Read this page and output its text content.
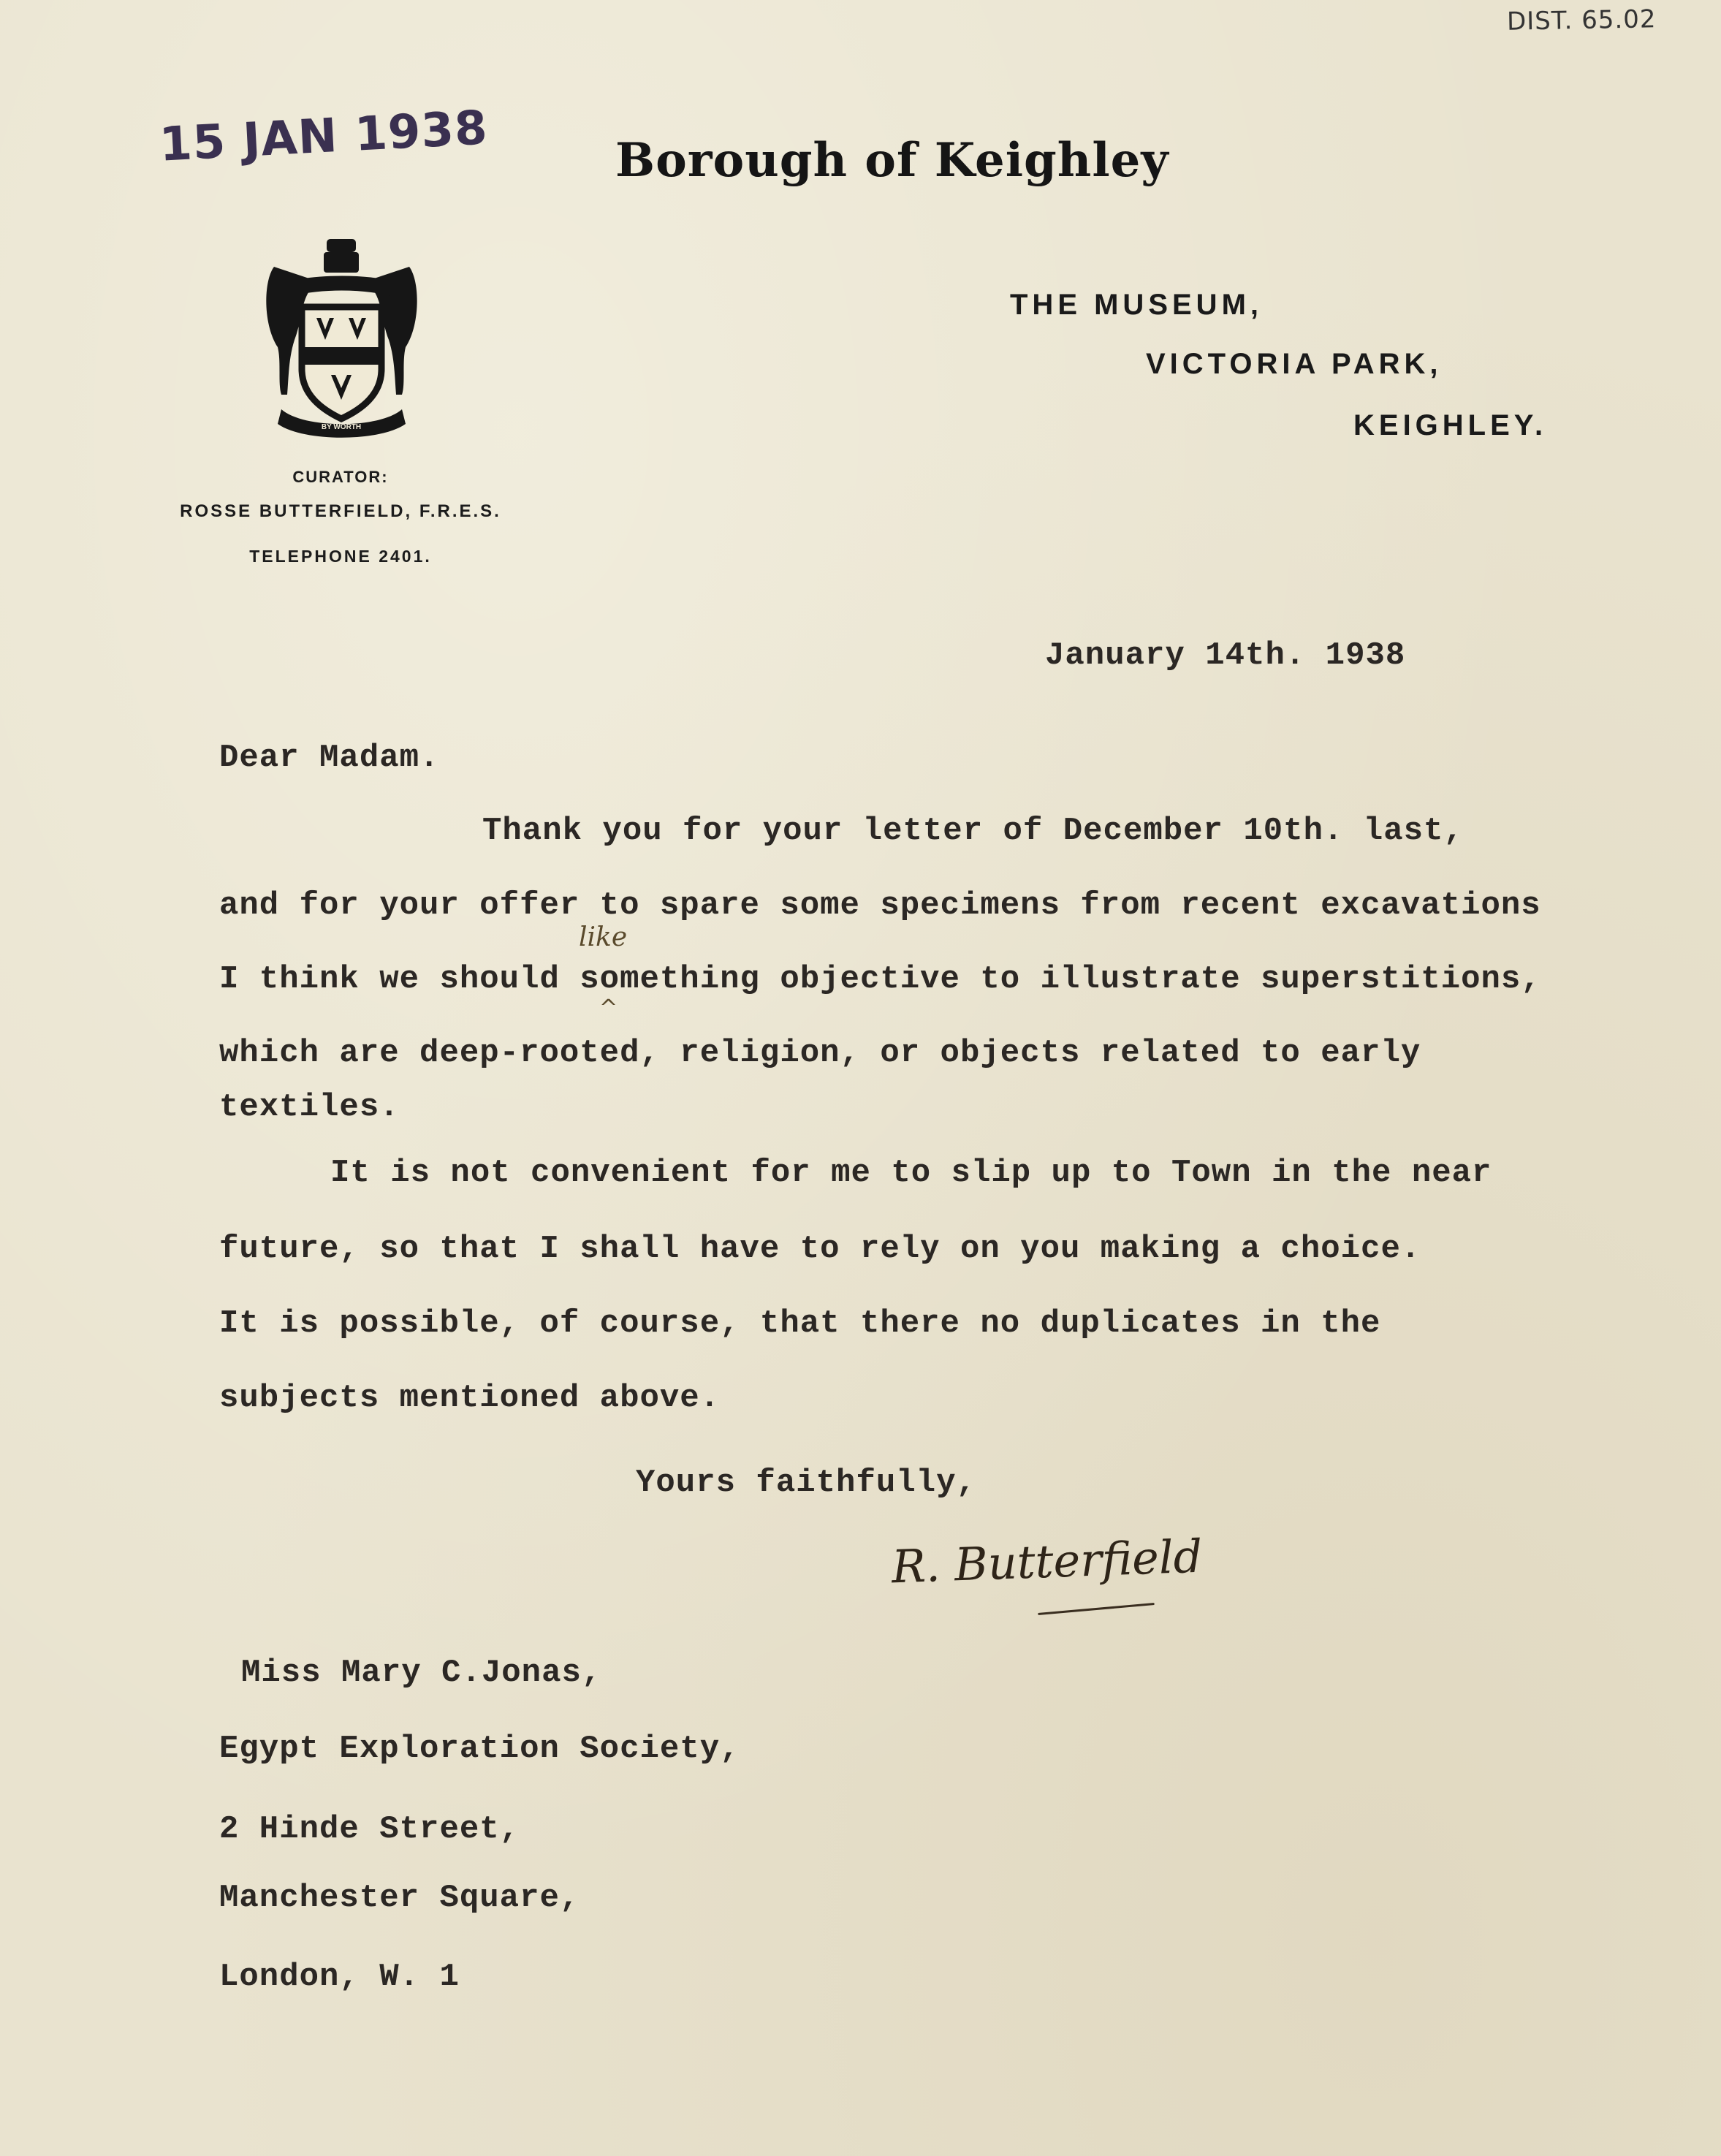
DIST. 65.02
15 JAN 1938	Borough of Keighley
BY WORTH
CURATOR:
ROSSE BUTTERFIELD, F.R.E.S.
TELEPHONE 2401.
THE MUSEUM,
VICTORIA PARK,
KEIGHLEY.
January 14th. 1938
Dear Madam.
Thank you for your letter of December 10th. last,
and for your offer to spare some specimens from recent excavations
like
I think we should something objective to illustrate superstitions,
^
which are deep-rooted, religion, or objects related to early
textiles.
It is not convenient for me to slip up to Town in the near
future, so that I shall have to rely on you making a choice.
It is possible, of course, that there no duplicates in the
subjects mentioned above.
Yours faithfully,
R. Butterfield
Miss Mary C.Jonas,
Egypt Exploration Society,
2 Hinde Street,
Manchester Square,
London, W. 1
